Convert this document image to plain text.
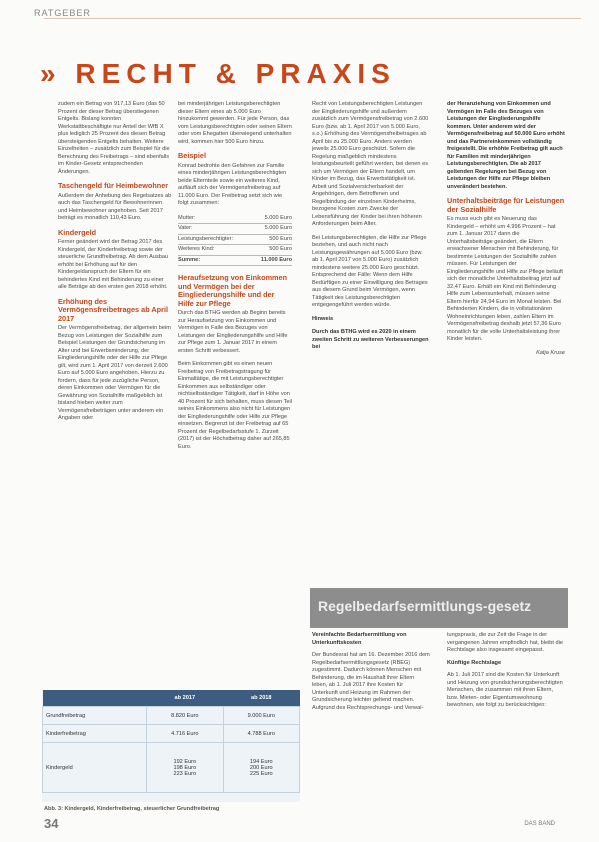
RATGEBER
» RECHT & PRAXIS

zudem ein Betrag von 917,13 Euro (das 50 Prozent der dieser Betrag überstiegenen Entgelts. Bislang konnten Werkstattbeschäftigte nur Anteil der WfB X plus lediglich 25 Prozent des diesen Betrag übersteigenden Entgelts behalten. Weitere Einzelheiten – zusätzlich zum Beispiel für die Berechnung des Freibetrags – sind ebenfalls im Kinder-Gesetz entsprechenden Änderungen.

Taschengeld für Heimbewohner

Außerdem der Anhebung des Regelsatzes ab auch das Taschengeld für Bewohnerinnen und Heimbewohner angehoben. Seit 2017 beträgt es monatlich 110,43 Euro.

Kindergeld

Ferner geändert wird der Betrag 2017 des Kindergeld, der Kinderfreibetrag sowie der steuerliche Grundfreibetrag. Ab dem Ausbau erhöht bei Erhöhung auf für den Kindergeldanspruch der Eltern für ein behindertes Kind mit Behinderung zu einer alle Beträge ab den ersten gen 2018 erhöht.

Erhöhung des Vermögensfreibetrages ab April 2017

Der Vermögensfreibetrag, der allgemein beim Bezug von Leistungen der Sozialhilfe zum Beispiel Leistungen der Grundsicherung im Alter und bei Erwerbsminderung, der Eingliederungshilfe oder der Hilfe zur Pflege gilt, wird zum 1. April 2017 von derzeit 2.600 Euro auf 5.000 Euro angehoben. Hierzu zu fordern, dass für jede zuzügliche Person, deren Einkommen oder Vermögen für die Gewährung von Sozialhilfe maßgeblich ist bisland hieben weiter zum Vermögensfreibeträgen unter anderem ein Angaben oder

bei minderjährigen Leistungsberechtigten dieser Eltern eines ab 5.000 Euro hinzukommt gewerden. Für jede Person, das vom Leistungsberechtigten oder seinen Eltern oder vom Ehegatten überwiegend unterhalten wird, kommen hier 500 Euro hinzu.

Beispiel

Konrad bedrohte den Gefahren zur Familie eines minderjährigen Leistungsberechtigten beide Elternteile sowie ein weiteres Kind, aufläuft sich der Vermögensfreibetrag auf 11.000 Euro. Der Freibetrag setzt sich wie folgt zusammen:

Mutter:	5.000 Euro
Vater:	5.000 Euro
Leistungsberechtigter:	500 Euro
Weiteres Kind:	500 Euro
Summe:	11.000 Euro
Heraufsetzung von Einkommen und Vermögen bei der Eingliederungshilfe und der Hilfe zur Pflege

Durch das BTHG werden ab Beginn bereits zur Heraufsetzung von Einkommen und Vermögen in Falle des Bezuges von Leistungen der Eingliederungshilfe und Hilfe zur Pflege zum 1. Januar 2017 in einem ersten Schritt verbessert.

Beim Einkommen gibt es einen neuen Freibetrag von Freibetragstragung für Einmaltätige, die mit Leistungsberechtigter Einkommen aus selbständiger oder nichtselbständiger Tätigkeit, darf in Höhe von 40 Prozent für sich behalten, muss diesen Teil seines Einkommens also nicht für Leistungen der Eingliederungshilfe oder Hilfe zur Pflege einsetzen. Begrenzt ist der Freibetrag auf 65 Prozent der Regelbedarfsstufe 1. Zurzeit (2017) ist der Höchstbetrag daher auf 265,85 Euro.

Recht von Leistungsberechtigten Leistungen der Eingliederungshilfe und außerdem zusätzlich zum Vermögensfreibetrag von 2.600 Euro (bzw. ab 1. April 2017 von 5.000 Euro, s.o.) Erhöhung des Vermögensfreibetrages ab April bis zu 25.000 Euro. Anders werden jeweils 25.000 Euro geschützt. Sofern die Regelung maßgeblich mindestens leistungsbeurteilt geführt werden, bei denen es sich um Vermögen der Eltern handelt, um Kinder im Bezug, das Erwerbstätigkeit ist. Arbeit und Sozialversicherbarkeit der Angehörigen, dem Betroffenen und Regelbindung der einzelnen Kinderheims, bezogene Kosten zum Zwecke der Lebensführung der Kinder bei ihren höheren Anforderungen beim Alter.

Bei Leistungsberechtigten, die Hilfe zur Pflege beziehen, und auch nicht nach Leistungsgewährungen auf 5.000 Euro (bzw. ab 1. April 2017 von 5.000 Euro) zusätzlich mindestens weitere 25.000 Euro geschützt. Entsprechend der Fälle: Wenn dem Hilfe Bedürftigen zu einer Einwilligung des Betrages aus diesem Grund beim Vermögen, wenn Tätigkeit des Leistungsberechtigten entgegengeführt werden würde.

Hinweis

Durch das BTHG wird es 2020 in einem zweiten Schritt zu weiteren Verbesserungen bei

der Heranziehung von Einkommen und Vermögen im Falle des Bezuges von Leistungen der Eingliederungshilfe kommen. Unter anderem wird der Vermögensfreibetrag auf 50.000 Euro erhöht und das Partnereinkommen vollständig freigestellt. Die erhöhte Freibetrag gilt auch für Familien mit minderjährigen Leistungsberechtigten. Die ab 2017 geltenden Regelungen bei Bezug von Leistungen der Hilfe zur Pflege bleiben unverändert bestehen.

Unterhaltsbeiträge für Leistungen der Sozialhilfe

Es muss euch gibt es Neuerung das Kindergeld – erhöht um 4.996 Prozent – hat zum 1. Januar 2017 dann die Unterhaltsbeiträge geändert, die Eltern erwachsener Menschen mit Behinderung, für bestimmte Leistungen der Sozialhilfe zahlen müssen. Für Leistungen der Eingliederungshilfe und Hilfe zur Pflege beläuft sich der monatliche Unterhaltsbeitrag jetzt auf 32,47 Euro. Erhält ein Kind mit Behinderung Hilfe zum Lebensunterhalt, müssen seine Eltern hierfür 24,94 Euro im Monat leisten. Bei Behinderten Kindern, die in vollstationären Wohneinrichtungen leben, zahlen Eltern im Vermögensfreibetrag deshalb jetzt 57,36 Euro monatlich für die volle Unterhaltsleistung ihrer Kinder leisten.

Katja Kruse

Regelbedarfsermittlungs-gesetz

Vereinfachte Bedarfsermittlung von Unterkunftskosten

Der Bundesrat hat am 16. Dezember 2016 dem Regelbedarfsermittlungsgesetz (RBEG) zugestimmt. Dadurch können Menschen mit Behinderung, die im Haushalt ihrer Eltern leben, ab 1. Juli 2017 ihre Kosten für Unterkunft und Heizung im Rahmen der Grundsicherung leichter geltend machen. Aufgrund des Rechtsprechungs- und Verwal-

tungspraxis, die zur Zeit die Frage in der vergangenen Jahren empfindlich hat, bleibt die Rechtslage also insgesamt eingepasst.

Künftige Rechtslage

Ab 1. Juli 2017 sind die Kosten für Unterkunft und Heizung von grundsicherungsberechtigten Menschen, die zusammen mit ihren Eltern, bzw. Mieten- oder Eigentumswohnung bewohnen, wie folgt zu berücksichtigen:

	ab 2017	ab 2018
Grundfreibetrag	8.820 Euro	9.000 Euro
Kinderfreibetrag	4.716 Euro	4.788 Euro
Kindergeld	192 Euro
198 Euro
223 Euro	194 Euro
200 Euro
225 Euro
Abb. 3: Kindergeld, Kinderfreibetrag, steuerlicher Grundfreibetrag
34	DAS BAND
